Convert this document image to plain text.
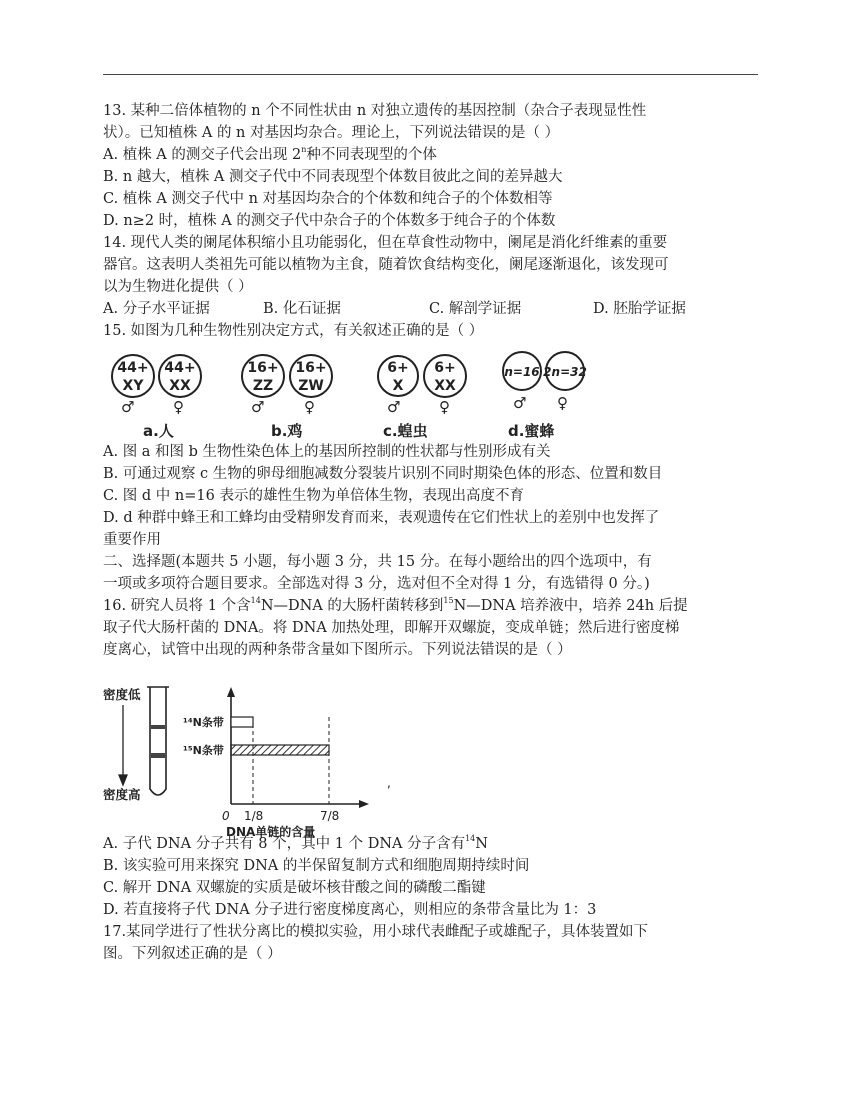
13. 某种二倍体植物的 n 个不同性状由 n 对独立遗传的基因控制（杂合子表现显性性
状）。已知植株 A 的 n 对基因均杂合。理论上，下列说法错误的是（ ）
A. 植株 A 的测交子代会出现 2$^n$种不同表现型的个体
B. n 越大，植株 A 测交子代中不同表现型个体数目彼此之间的差异越大
C. 植株 A 测交子代中 n 对基因均杂合的个体数和纯合子的个体数相等
D. n≥2 时，植株 A 的测交子代中杂合子的个体数多于纯合子的个体数
14. 现代人类的阑尾体积缩小且功能弱化，但在草食性动物中，阑尾是消化纤维素的重要
器官。这表明人类祖先可能以植物为主食，随着饮食结构变化，阑尾逐渐退化，该发现可
以为生物进化提供（ ）
A. 分子水平证据	B. 化石证据	C. 解剖学证据	D. 胚胎学证据
15. 如图为几种生物性别决定方式，有关叙述正确的是（ ）
44+
XY
44+
XX
16+
ZZ
16+
ZW
6+
X
6+
XX
n=16 2n=32
♂	♀	♂	♀	♂	♀	♂ ♀
a.人	b.鸡	c.蝗虫	d.蜜蜂
A. 图 a 和图 b 生物性染色体上的基因所控制的性状都与性别形成有关
B. 可通过观察 c 生物的卵母细胞减数分裂装片识别不同时期染色体的形态、位置和数目
C. 图 d 中 n=16 表示的雄性生物为单倍体生物，表现出高度不育
D. d 种群中蜂王和工蜂均由受精卵发育而来，表观遗传在它们性状上的差别中也发挥了
重要作用
二、选择题(本题共 5 小题，每小题 3 分，共 15 分。在每小题给出的四个选项中，有
一项或多项符合题目要求。全部选对得 3 分，选对但不全对得 1 分，有选错得 0 分。)
16. 研究人员将 1 个含$^{14}$N—DNA 的大肠杆菌转移到$^{15}$N—DNA 培养液中，培养 24h 后提
取子代大肠杆菌的 DNA。将 DNA 加热处理，即解开双螺旋，变成单链；然后进行密度梯
度离心，试管中出现的两种条带含量如下图所示。下列说法错误的是（ ）
密度低
密度高
¹⁴N条带
¹⁵N条带
0 1/8	7/8
DNA单链的含量
,
A. 子代 DNA 分子共有 8 个，其中 1 个 DNA 分子含有$^{14}$N
B. 该实验可用来探究 DNA 的半保留复制方式和细胞周期持续时间
C. 解开 DNA 双螺旋的实质是破坏核苷酸之间的磷酸二酯键
D. 若直接将子代 DNA 分子进行密度梯度离心，则相应的条带含量比为 1：3
17.某同学进行了性状分离比的模拟实验，用小球代表雌配子或雄配子，具体装置如下
图。下列叙述正确的是（ ）
